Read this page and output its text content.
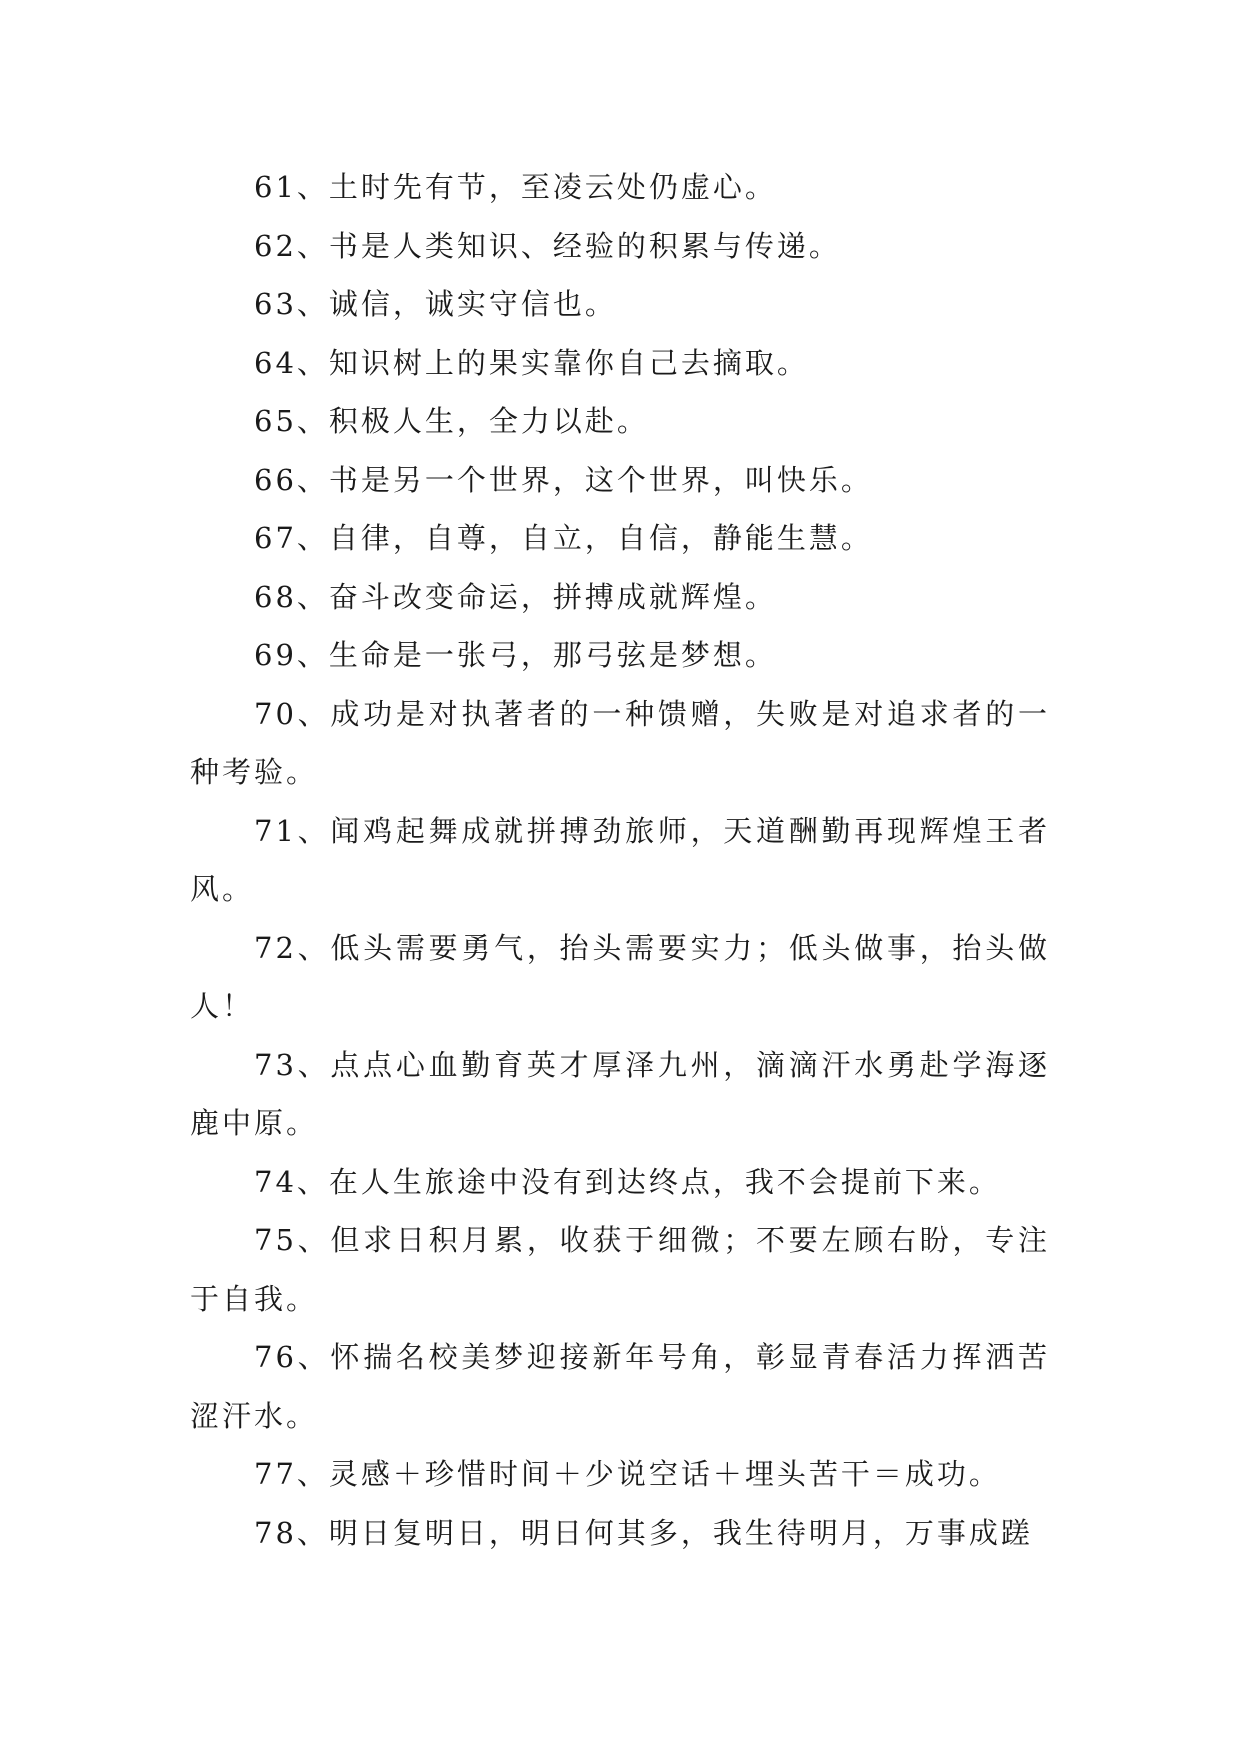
61、土时先有节，至凌云处仍虚心。

62、书是人类知识、经验的积累与传递。

63、诚信，诚实守信也。

64、知识树上的果实靠你自己去摘取。

65、积极人生，全力以赴。

66、书是另一个世界，这个世界，叫快乐。

67、自律，自尊，自立，自信，静能生慧。

68、奋斗改变命运，拼搏成就辉煌。

69、生命是一张弓，那弓弦是梦想。

70、成功是对执著者的一种馈赠，失败是对追求者的一种考验。

71、闻鸡起舞成就拼搏劲旅师，天道酬勤再现辉煌王者风。

72、低头需要勇气，抬头需要实力；低头做事，抬头做人！

73、点点心血勤育英才厚泽九州，滴滴汗水勇赴学海逐鹿中原。

74、在人生旅途中没有到达终点，我不会提前下来。

75、但求日积月累，收获于细微；不要左顾右盼，专注于自我。

76、怀揣名校美梦迎接新年号角，彰显青春活力挥洒苦涩汗水。

77、灵感＋珍惜时间＋少说空话＋埋头苦干＝成功。

78、明日复明日，明日何其多，我生待明月，万事成蹉
